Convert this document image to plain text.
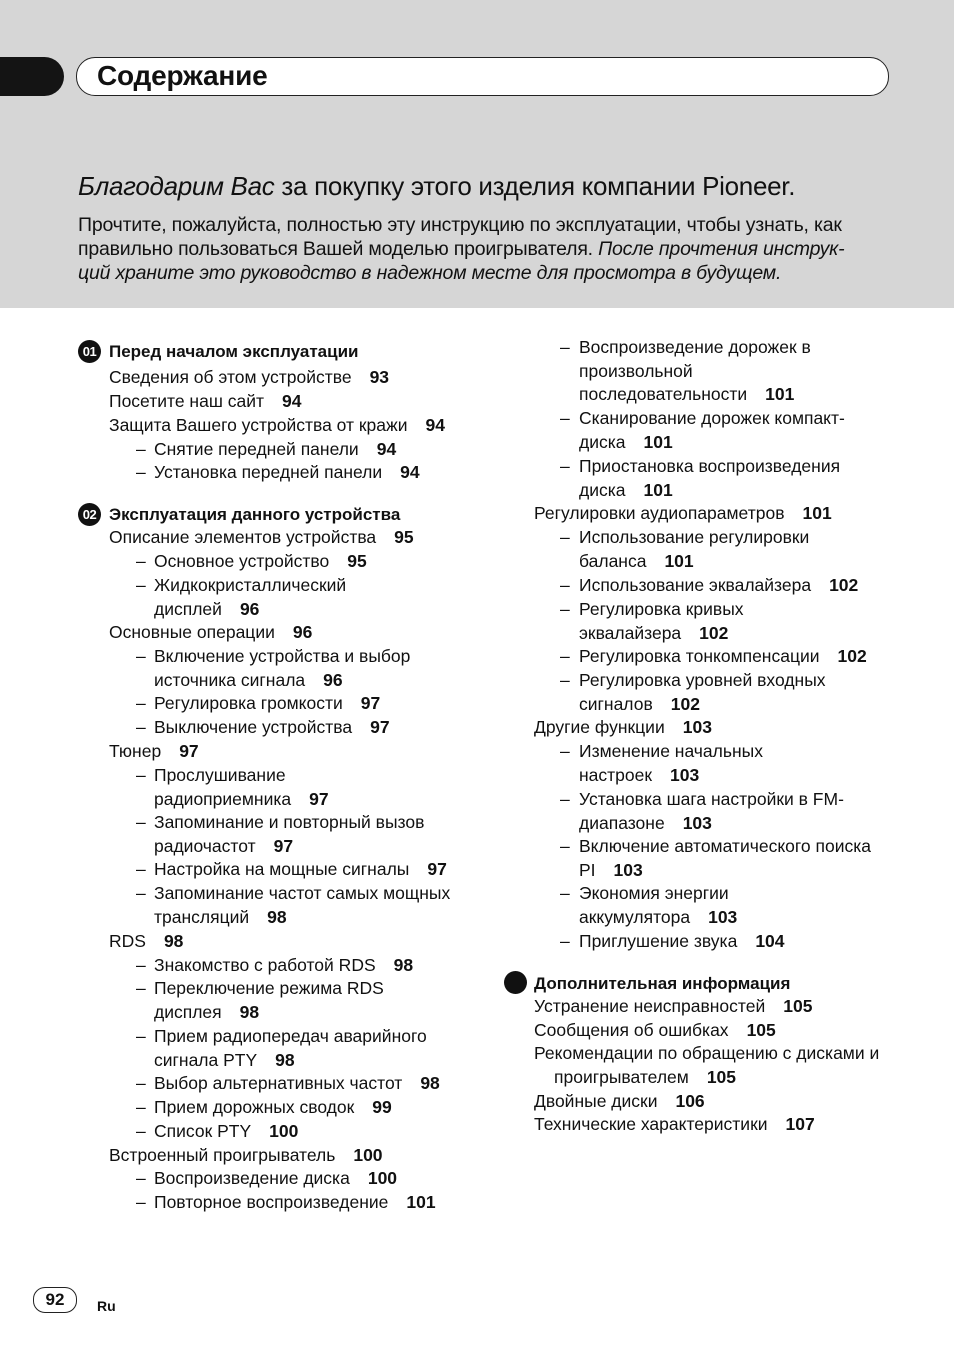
Содержание
Благодарим Вас за покупку этого изделия компании Pioneer.
Прочтите, пожалуйста, полностью эту инструкцию по эксплуатации, чтобы узнать, как
правильно пользоваться Вашей моделью проигрывателя. После прочтения инструк-
ций храните это руководство в надежном месте для просмотра в будущем.
01 Перед началом эксплуатации
Сведения об этом устройстве 93
Посетите наш сайт 94
Защита Вашего устройства от кражи 94
– Снятие передней панели 94
– Установка передней панели 94
02 Эксплуатация данного устройства
Описание элементов устройства 95
– Основное устройство 95
– Жидкокристаллический
дисплей 96
Основные операции 96
– Включение устройства и выбор
источника сигнала 96
– Регулировка громкости 97
– Выключение устройства 97
Тюнер 97
– Прослушивание
радиоприемника 97
– Запоминание и повторный вызов
радиочастот 97
– Настройка на мощные сигналы 97
– Запоминание частот самых мощных
трансляций 98
RDS 98
– Знакомство с работой RDS 98
– Переключение режима RDS
дисплея 98
– Прием радиопередач аварийного
сигнала PTY 98
– Выбор альтернативных частот 98
– Прием дорожных сводок 99
– Список PTY 100
Встроенный проигрыватель 100
– Воспроизведение диска 100
– Повторное воспроизведение 101
– Воспроизведение дорожек в
произвольной
последовательности 101
– Сканирование дорожек компакт-
диска 101
– Приостановка воспроизведения
диска 101
Регулировки аудиопараметров 101
– Использование регулировки
баланса 101
– Использование эквалайзера 102
– Регулировка кривых
эквалайзера 102
– Регулировка тонкомпенсации 102
– Регулировка уровней входных
сигналов 102
Другие функции 103
– Изменение начальных
настроек 103
– Установка шага настройки в FM-
диапазоне 103
– Включение автоматического поиска
PI 103
– Экономия энергии
аккумулятора 103
– Приглушение звука 104
Дополнительная информация
Устранение неисправностей 105
Сообщения об ошибках 105
Рекомендации по обращению с дисками и
проигрывателем 105
Двойные диски 106
Технические характеристики 107
92	Ru
